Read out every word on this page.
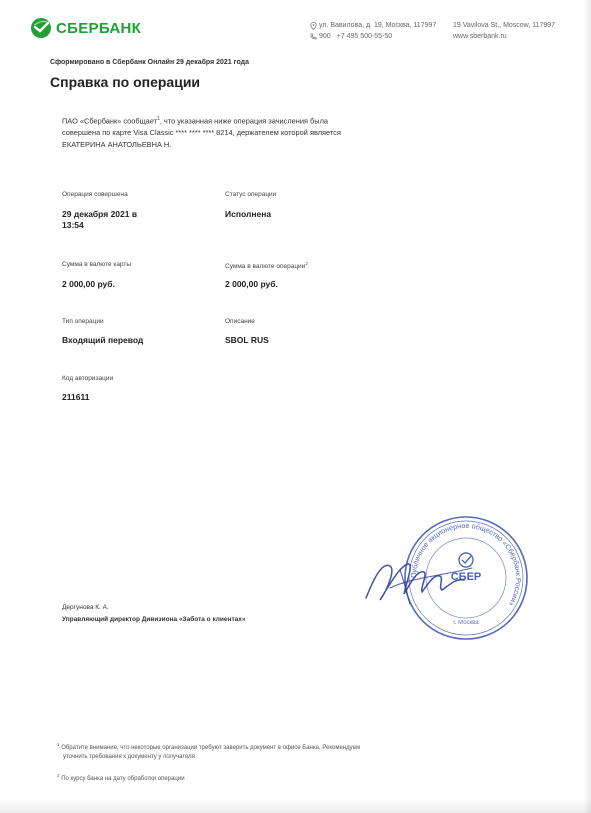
СБЕРБАНК	ул. Вавилова, д. 19, Москва, 117997
900 +7 495 500-55-50
19 Vavilova St., Moscow, 117997
www.sberbank.ru
Сформировано в Сбербанк Онлайн 29 декабря 2021 года
Справка по операции
ПАО «Сбербанк» сообщает$^1$, что указанная ниже операция зачисления была
совершена по карте Visa Classic **** **** **** 8214, держателем которой является
ЕКАТЕРИНА АНАТОЛЬЕВНА Н.
Операция совершена
29 декабря 2021 в
13:54
Статус операции
Исполнена
Сумма в валюте карты
2 000,00 руб.
Сумма в валюте операции$^2$
2 000,00 руб.
Тип операции
Входящий перевод
Описание
SBOL RUS
Код авторизации
211611
Публичное акционерное общество «Сбербанк России»
СБЕР
г. Москва
Дергунова К. А.
Управляющий директор Дивизиона «Забота о клиентах»
$^1$ Обратите внимание, что некоторые организации требуют заверить документ в офисе Банка. Рекомендуем
уточнить требования к документу у получателя
$^2$ По курсу банка на дату обработки операции
